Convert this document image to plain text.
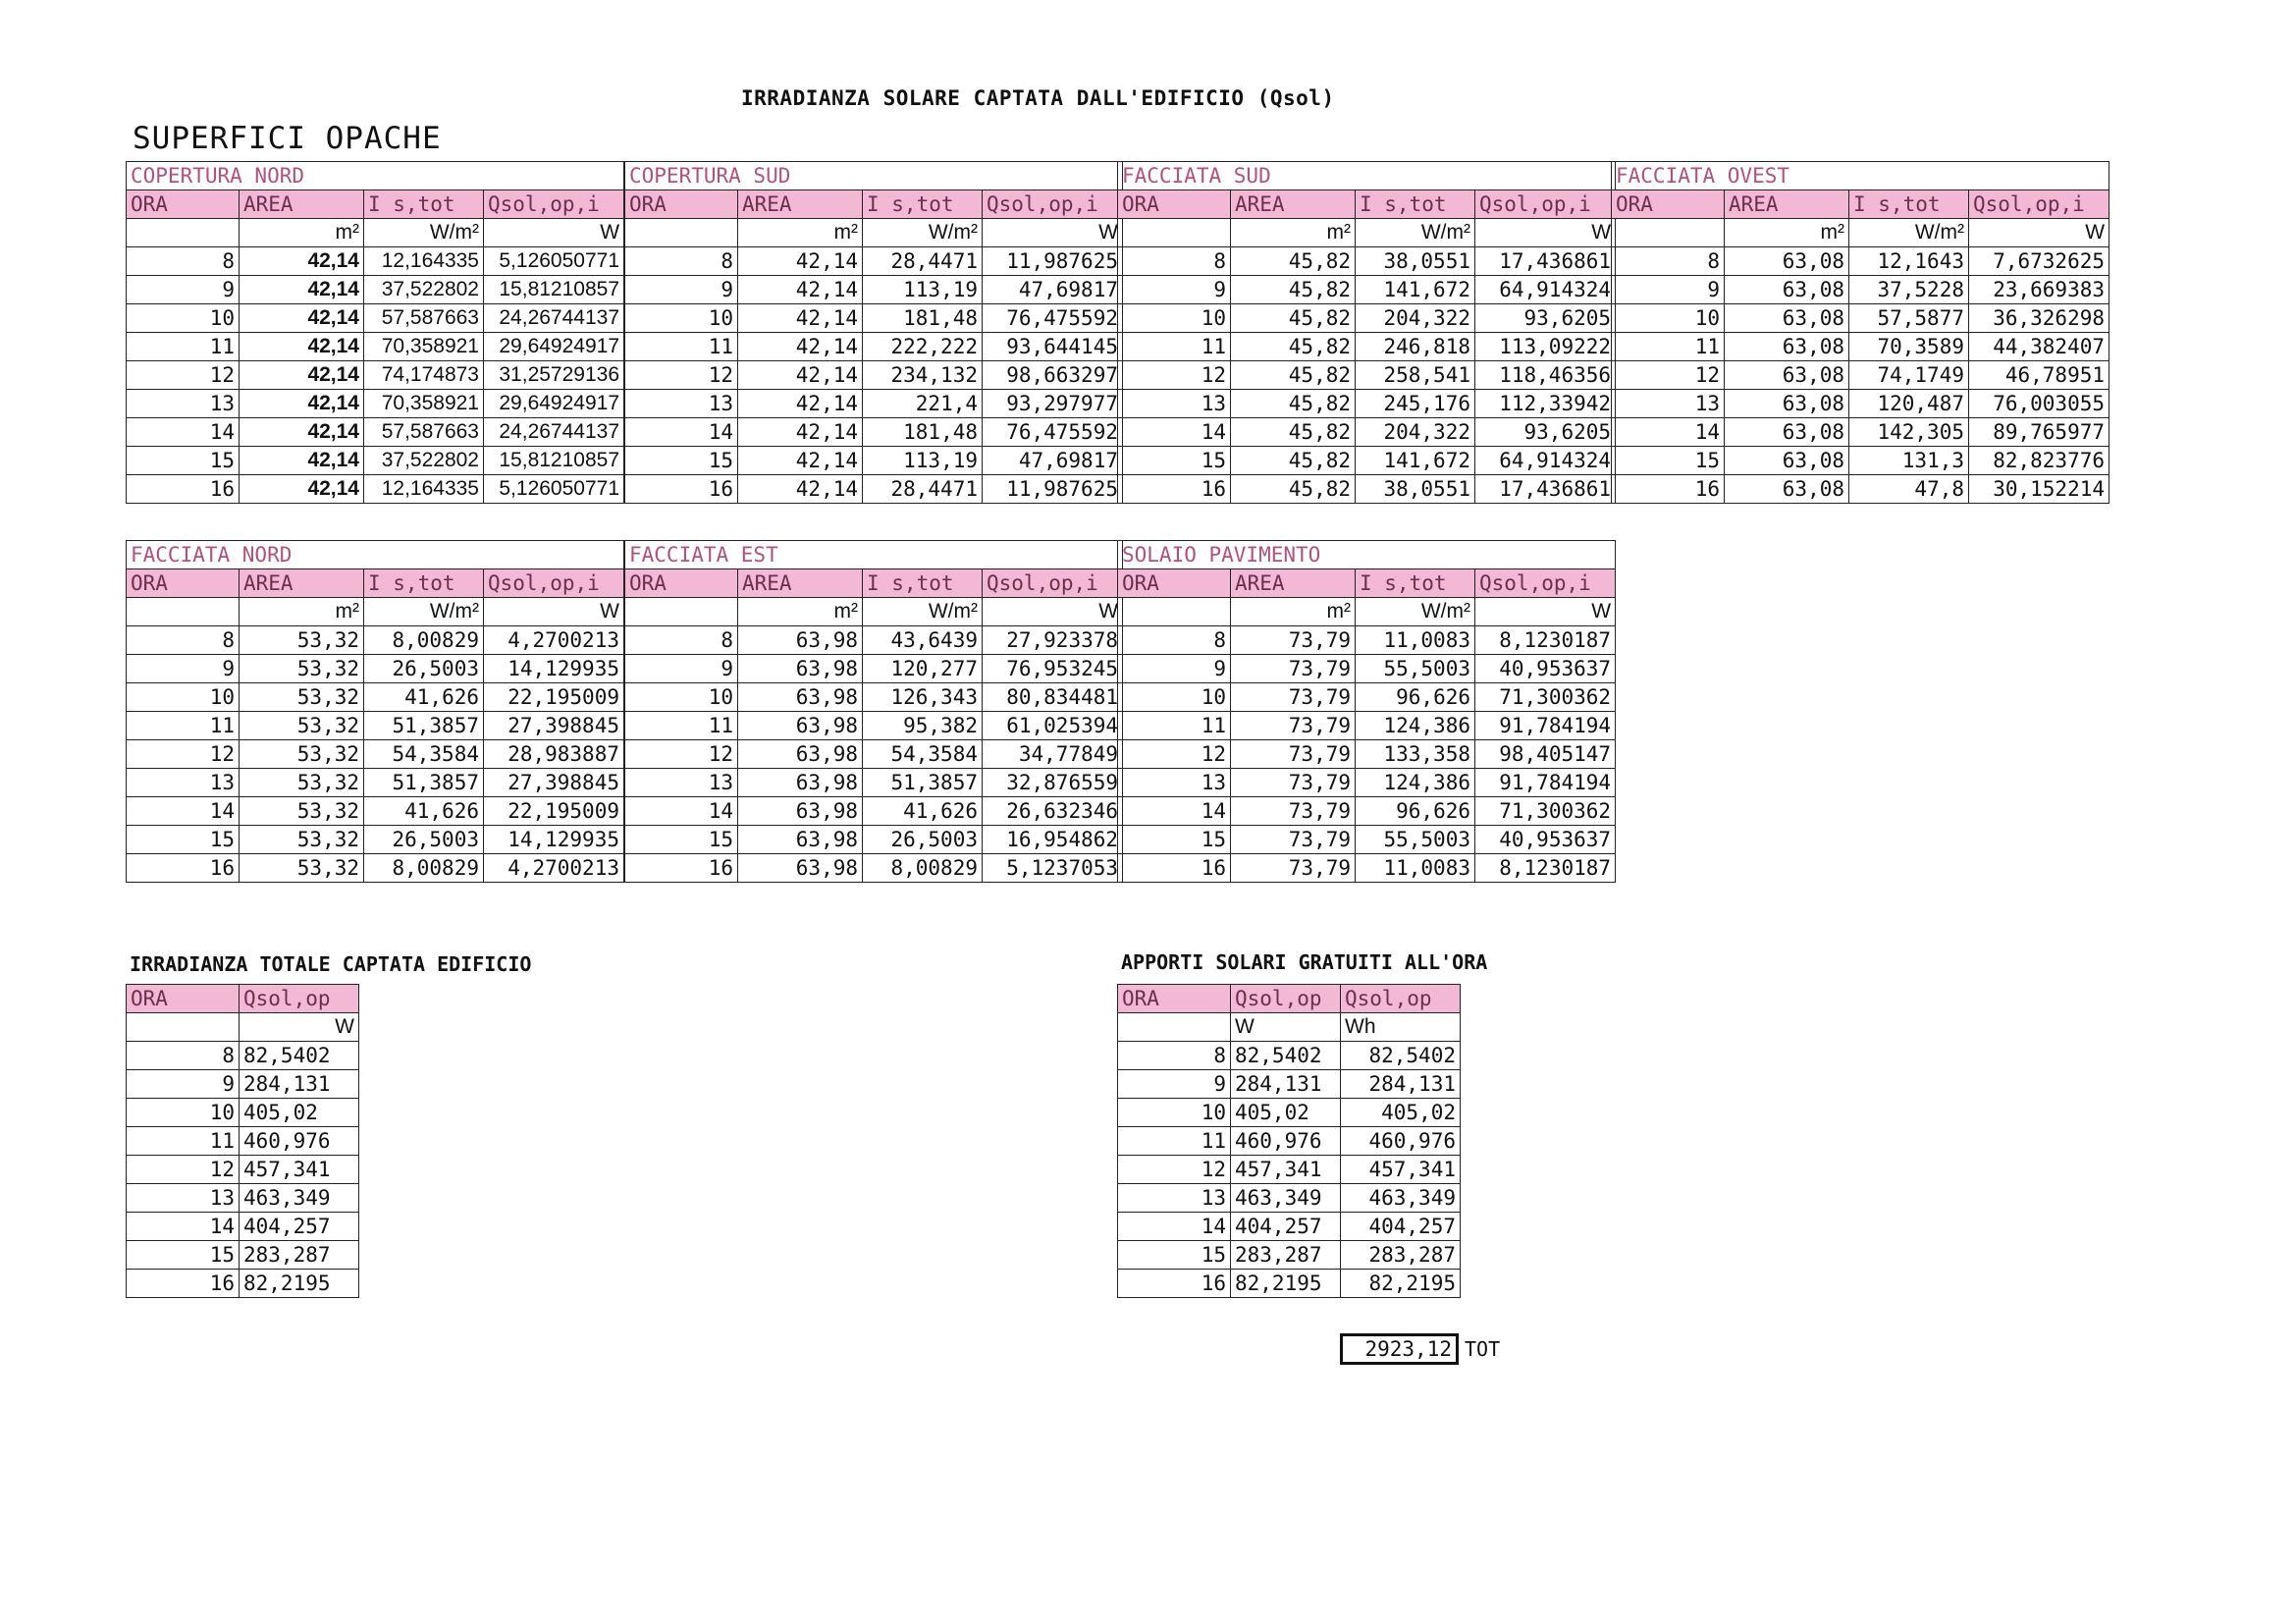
IRRADIANZA SOLARE CAPTATA DALL'EDIFICIO (Qsol)
SUPERFICI OPACHE
COPERTURA NORD			
ORA	AREA	I s,tot	Qsol,op,i
	m²	W/m²	W
8	42,14	12,164335	5,126050771
9	42,14	37,522802	15,81210857
10	42,14	57,587663	24,26744137
11	42,14	70,358921	29,64924917
12	42,14	74,174873	31,25729136
13	42,14	70,358921	29,64924917
14	42,14	57,587663	24,26744137
15	42,14	37,522802	15,81210857
16	42,14	12,164335	5,126050771
COPERTURA SUD			
ORA	AREA	I s,tot	Qsol,op,i
	m²	W/m²	W
8	42,14	28,4471	11,987625
9	42,14	113,19	47,69817
10	42,14	181,48	76,475592
11	42,14	222,222	93,644145
12	42,14	234,132	98,663297
13	42,14	221,4	93,297977
14	42,14	181,48	76,475592
15	42,14	113,19	47,69817
16	42,14	28,4471	11,987625
FACCIATA SUD			
ORA	AREA	I s,tot	Qsol,op,i
	m²	W/m²	W
8	45,82	38,0551	17,436861
9	45,82	141,672	64,914324
10	45,82	204,322	93,6205
11	45,82	246,818	113,09222
12	45,82	258,541	118,46356
13	45,82	245,176	112,33942
14	45,82	204,322	93,6205
15	45,82	141,672	64,914324
16	45,82	38,0551	17,436861
FACCIATA OVEST			
ORA	AREA	I s,tot	Qsol,op,i
	m²	W/m²	W
8	63,08	12,1643	7,6732625
9	63,08	37,5228	23,669383
10	63,08	57,5877	36,326298
11	63,08	70,3589	44,382407
12	63,08	74,1749	46,78951
13	63,08	120,487	76,003055
14	63,08	142,305	89,765977
15	63,08	131,3	82,823776
16	63,08	47,8	30,152214
FACCIATA NORD			
ORA	AREA	I s,tot	Qsol,op,i
	m²	W/m²	W
8	53,32	8,00829	4,2700213
9	53,32	26,5003	14,129935
10	53,32	41,626	22,195009
11	53,32	51,3857	27,398845
12	53,32	54,3584	28,983887
13	53,32	51,3857	27,398845
14	53,32	41,626	22,195009
15	53,32	26,5003	14,129935
16	53,32	8,00829	4,2700213
FACCIATA EST			
ORA	AREA	I s,tot	Qsol,op,i
	m²	W/m²	W
8	63,98	43,6439	27,923378
9	63,98	120,277	76,953245
10	63,98	126,343	80,834481
11	63,98	95,382	61,025394
12	63,98	54,3584	34,77849
13	63,98	51,3857	32,876559
14	63,98	41,626	26,632346
15	63,98	26,5003	16,954862
16	63,98	8,00829	5,1237053
SOLAIO PAVIMENTO			
ORA	AREA	I s,tot	Qsol,op,i
	m²	W/m²	W
8	73,79	11,0083	8,1230187
9	73,79	55,5003	40,953637
10	73,79	96,626	71,300362
11	73,79	124,386	91,784194
12	73,79	133,358	98,405147
13	73,79	124,386	91,784194
14	73,79	96,626	71,300362
15	73,79	55,5003	40,953637
16	73,79	11,0083	8,1230187
IRRADIANZA TOTALE CAPTATA EDIFICIO	APPORTI SOLARI GRATUITI ALL'ORA
ORA	Qsol,op
	W
8	82,5402
9	284,131
10	405,02
11	460,976
12	457,341
13	463,349
14	404,257
15	283,287
16	82,2195
ORA	Qsol,op	Qsol,op
	W	Wh
8	82,5402	82,5402
9	284,131	284,131
10	405,02	405,02
11	460,976	460,976
12	457,341	457,341
13	463,349	463,349
14	404,257	404,257
15	283,287	283,287
16	82,2195	82,2195
2923,12 TOT
